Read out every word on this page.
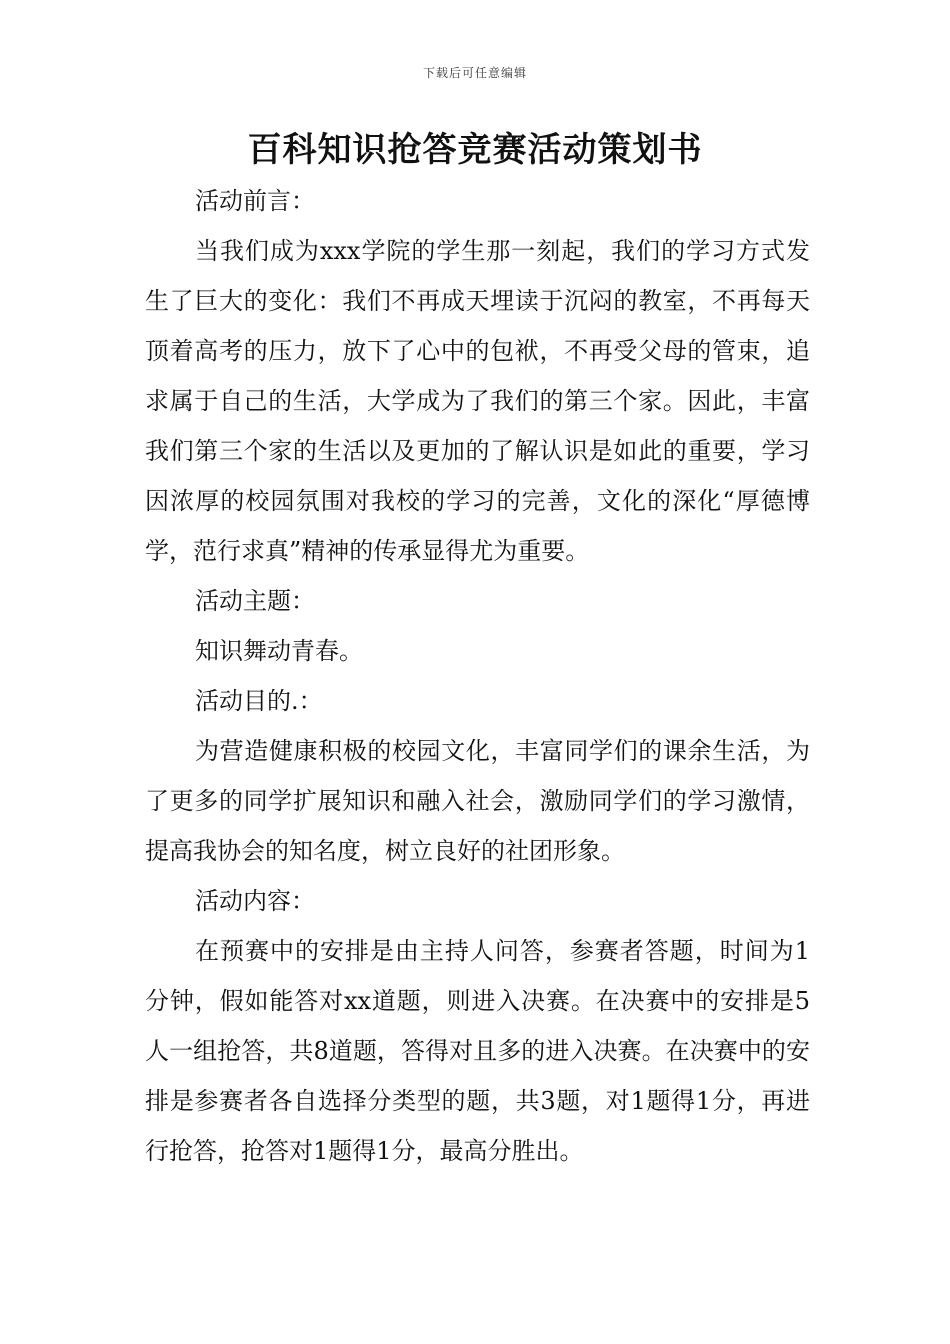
下载后可任意编辑
百科知识抢答竞赛活动策划书

活动前言：

当我们成为xxx学院的学生那一刻起，我们的学习方式发生了巨大的变化：我们不再成天埋读于沉闷的教室，不再每天顶着高考的压力，放下了心中的包袱，不再受父母的管束，追求属于自己的生活，大学成为了我们的第三个家。因此，丰富我们第三个家的生活以及更加的了解认识是如此的重要，学习因浓厚的校园氛围对我校的学习的完善，文化的深化“厚德博学，范行求真”精神的传承显得尤为重要。

活动主题：

知识舞动青春。

活动目的.：

为营造健康积极的校园文化，丰富同学们的课余生活，为了更多的同学扩展知识和融入社会，激励同学们的学习激情，提高我协会的知名度，树立良好的社团形象。

活动内容：

在预赛中的安排是由主持人问答，参赛者答题，时间为1分钟，假如能答对xx道题，则进入决赛。在决赛中的安排是5人一组抢答，共8道题，答得对且多的进入决赛。在决赛中的安排是参赛者各自选择分类型的题，共3题，对1题得1分，再进行抢答，抢答对1题得1分，最高分胜出。
